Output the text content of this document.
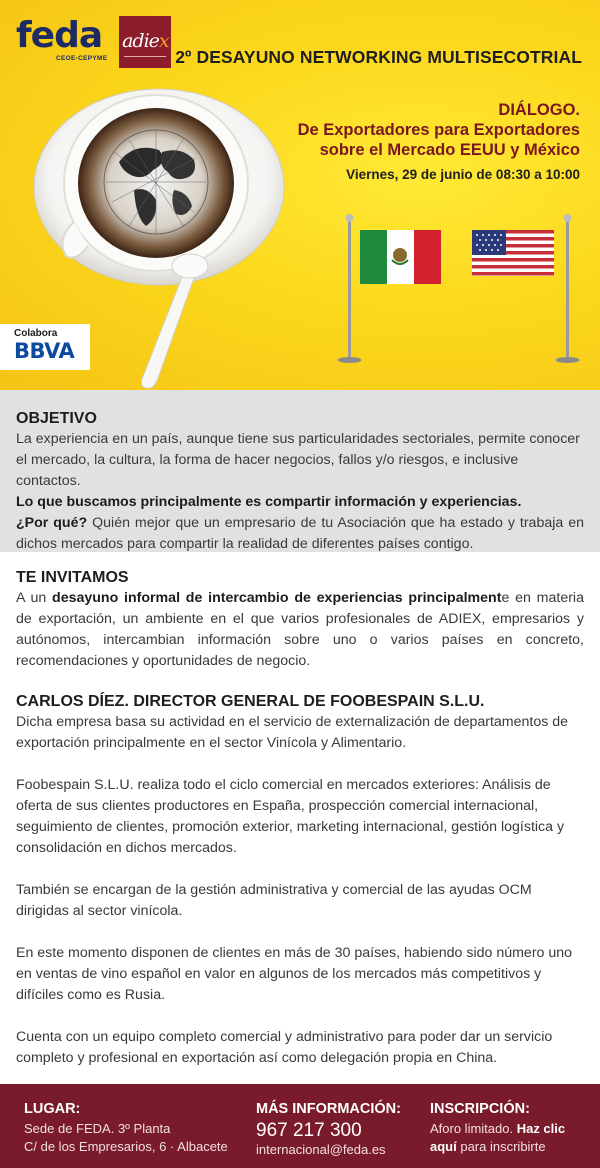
feda
CEOE-CEPYME
adiex
2º DESAYUNO NETWORKING MULTISECOTRIAL
DIÁLOGO.
De Exportadores para Exportadores
sobre el Mercado EEUU y México
Viernes, 29 de junio de 08:30 a 10:00
Colabora
BBVA
OBJETIVO

La experiencia en un país, aunque tiene sus particularidades sectoriales, permite conocer el mercado, la cultura, la forma de hacer negocios, fallos y/o riesgos, e inclusive contactos.

Lo que buscamos principalmente es compartir información y experiencias.

¿Por qué? Quién mejor que un empresario de tu Asociación que ha estado y trabaja en dichos mercados para compartir la realidad de diferentes países contigo.

TE INVITAMOS

A un desayuno informal de intercambio de experiencias principalmente en materia de exportación, un ambiente en el que varios profesionales de ADIEX, empresarios y autónomos, intercambian información sobre uno o varios países en concreto, recomendaciones y oportunidades de negocio.

CARLOS DÍEZ. DIRECTOR GENERAL DE FOOBESPAIN S.L.U.

Dicha empresa basa su actividad en el servicio de externalización de departamentos de exportación principalmente en el sector Vinícola y Alimentario.

Foobespain S.L.U. realiza todo el ciclo comercial en mercados exteriores: Análisis de oferta de sus clientes productores en España, prospección comercial internacional, seguimiento de clientes, promoción exterior, marketing internacional, gestión logística y consolidación en dichos mercados.

También se encargan de la gestión administrativa y comercial de las ayudas OCM dirigidas al sector vinícola.

En este momento disponen de clientes en más de 30 países, habiendo sido número uno en ventas de vino español en valor en algunos de los mercados más competitivos y difíciles como es Rusia.

Cuenta con un equipo completo comercial y administrativo para poder dar un servicio completo y profesional en exportación así como delegación propia en China.

LUGAR:
Sede de FEDA. 3º Planta
C/ de los Empresarios, 6 · Albacete
MÁS INFORMACIÓN:
967 217 300
internacional@feda.es
INSCRIPCIÓN:
Aforo limitado. Haz clic
aquí para inscribirte
